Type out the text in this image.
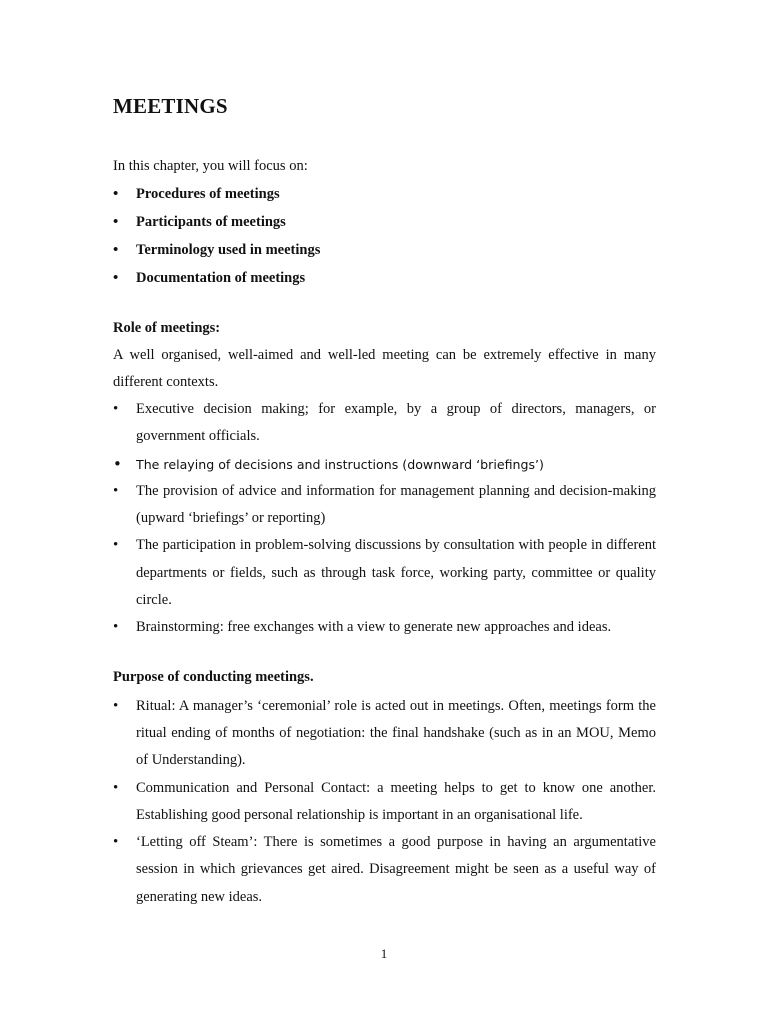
MEETINGS

In this chapter, you will focus on:

• Procedures of meetings
• Participants of meetings
• Terminology used in meetings
• Documentation of meetings

Role of meetings:

A well organised, well-aimed and well-led meeting can be extremely effective in many different contexts.

• Executive decision making; for example, by a group of directors, managers, or government officials.
• The relaying of decisions and instructions (downward ‘briefings’)
• The provision of advice and information for management planning and decision-making (upward ‘briefings’ or reporting)
• The participation in problem-solving discussions by consultation with people in different departments or fields, such as through task force, working party, committee or quality circle.
• Brainstorming: free exchanges with a view to generate new approaches and ideas.

Purpose of conducting meetings.

• Ritual: A manager’s ‘ceremonial’ role is acted out in meetings. Often, meetings form the ritual ending of months of negotiation: the final handshake (such as in an MOU, Memo of Understanding).
• Communication and Personal Contact: a meeting helps to get to know one another. Establishing good personal relationship is important in an organisational life.
• ‘Letting off Steam’: There is sometimes a good purpose in having an argumentative session in which grievances get aired. Disagreement might be seen as a useful way of generating new ideas.
1
